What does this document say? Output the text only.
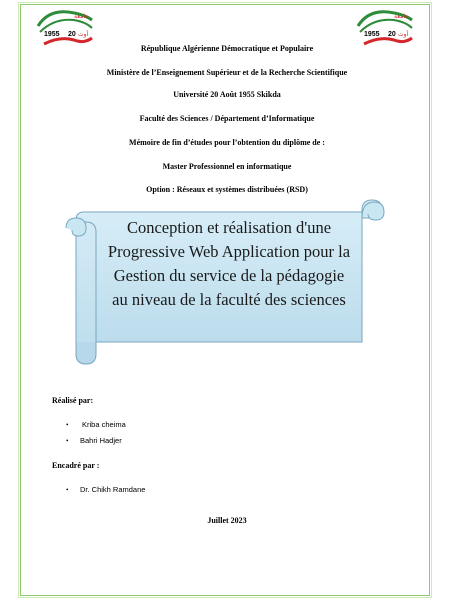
1955 20 أوت
جامعة
1955 20 أوت
جامعة
République Algérienne Démocratique et Populaire
Ministère de l’Enseignement Supérieur et de la Recherche Scientifique
Université 20 Août 1955 Skikda
Faculté des Sciences / Département d’Informatique
Mémoire de fin d’études pour l’obtention du diplôme de :
Master Professionnel en informatique
Option : Réseaux et systèmes distribuées (RSD)
Conception et réalisation d'une
Progressive Web Application pour la
Gestion du service de la pédagogie
au niveau de la faculté des sciences
Réalisé par:
• Kriba cheima
• Bahri Hadjer
Encadré par :
• Dr. Chikh Ramdane
Juillet 2023
